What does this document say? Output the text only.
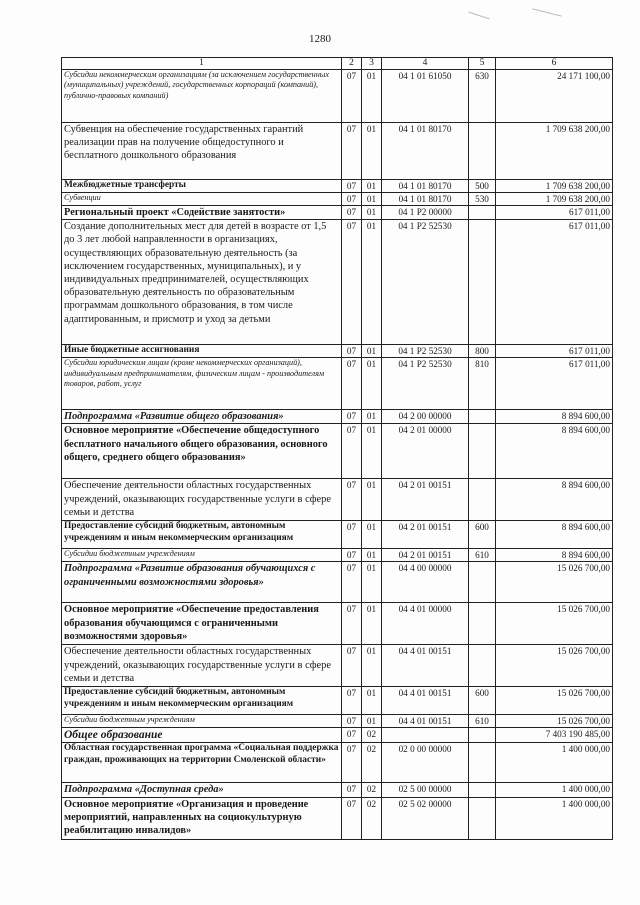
1280
1	2	3	4	5	6
Субсидии некоммерческим организациям (за исключением государственных (муниципальных) учреждений, государственных корпораций (компаний), публично-правовых компаний)	07	01	04 1 01 61050	630	24 171 100,00
Субвенция на обеспечение государственных гарантий реализации прав на получение общедоступного и бесплатного дошкольного образования	07	01	04 1 01 80170		1 709 638 200,00
Межбюджетные трансферты	07	01	04 1 01 80170	500	1 709 638 200,00
Субвенции	07	01	04 1 01 80170	530	1 709 638 200,00
Региональный проект «Содействие занятости»	07	01	04 1 Р2 00000		617 011,00
Создание дополнительных мест для детей в возрасте от 1,5 до 3 лет любой направленности в организациях, осуществляющих образовательную деятельность (за исключением государственных, муниципальных), и у индивидуальных предпринимателей, осуществляющих образовательную деятельность по образовательным программам дошкольного образования, в том числе адаптированным, и присмотр и уход за детьми	07	01	04 1 Р2 52530		617 011,00
Иные бюджетные ассигнования	07	01	04 1 Р2 52530	800	617 011,00
Субсидии юридическим лицам (кроме некоммерческих организаций), индивидуальным предпринимателям, физическим лицам - производителям товаров, работ, услуг	07	01	04 1 Р2 52530	810	617 011,00
Подпрограмма «Развитие общего образования»	07	01	04 2 00 00000		8 894 600,00
Основное мероприятие «Обеспечение общедоступного бесплатного начального общего образования, основного общего, среднего общего образования»	07	01	04 2 01 00000		8 894 600,00
Обеспечение деятельности областных государственных учреждений, оказывающих государственные услуги в сфере семьи и детства	07	01	04 2 01 00151		8 894 600,00
Предоставление субсидий бюджетным, автономным учреждениям и иным некоммерческим организациям	07	01	04 2 01 00151	600	8 894 600,00
Субсидии бюджетным учреждениям	07	01	04 2 01 00151	610	8 894 600,00
Подпрограмма «Развитие образования обучающихся с ограниченными возможностями здоровья»	07	01	04 4 00 00000		15 026 700,00
Основное мероприятие «Обеспечение предоставления образования обучающимся с ограниченными возможностями здоровья»	07	01	04 4 01 00000		15 026 700,00
Обеспечение деятельности областных государственных учреждений, оказывающих государственные услуги в сфере семьи и детства	07	01	04 4 01 00151		15 026 700,00
Предоставление субсидий бюджетным, автономным учреждениям и иным некоммерческим организациям	07	01	04 4 01 00151	600	15 026 700,00
Субсидии бюджетным учреждениям	07	01	04 4 01 00151	610	15 026 700,00
Общее образование	07	02			7 403 190 485,00
Областная государственная программа «Социальная поддержка граждан, проживающих на территории Смоленской области»	07	02	02 0 00 00000		1 400 000,00
Подпрограмма «Доступная среда»	07	02	02 5 00 00000		1 400 000,00
Основное мероприятие «Организация и проведение мероприятий, направленных на социокультурную реабилитацию инвалидов»	07	02	02 5 02 00000		1 400 000,00
